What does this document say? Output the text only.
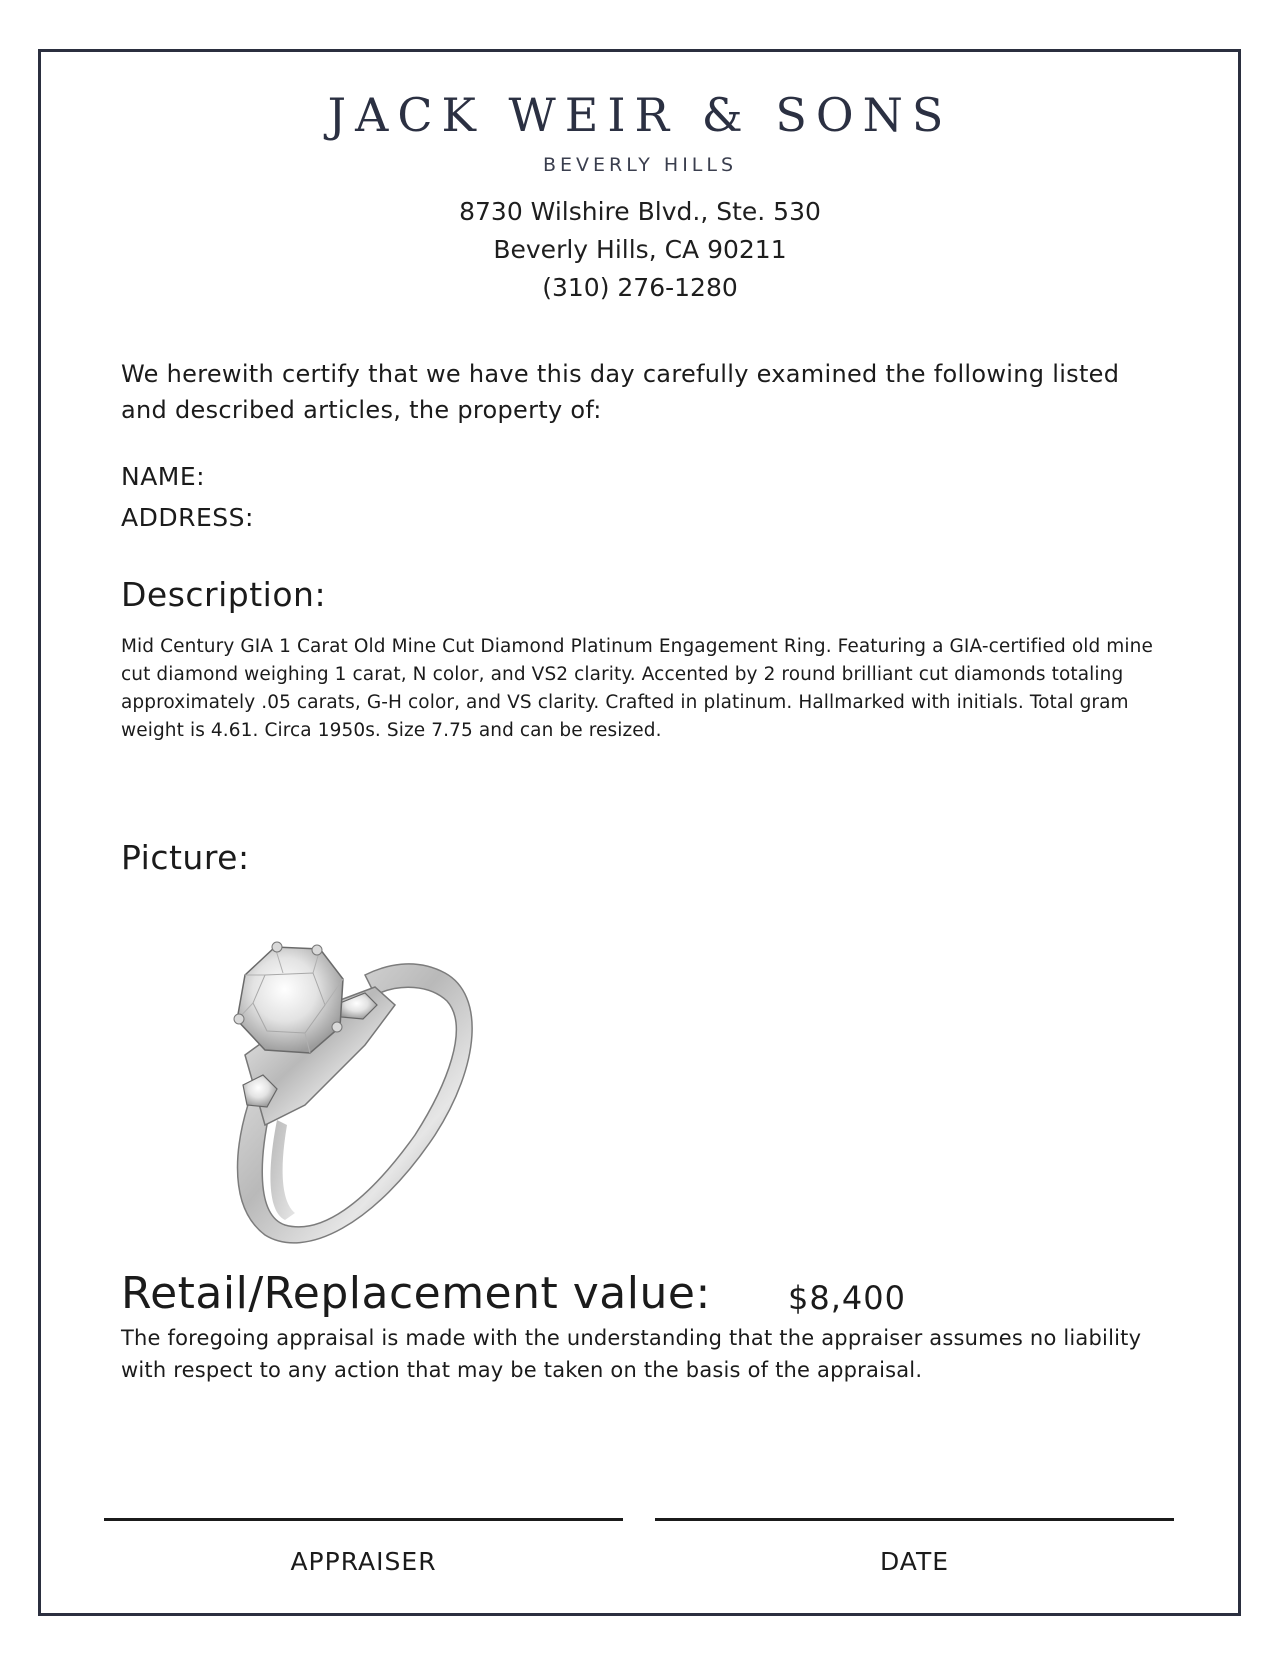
JACK WEIR & SONS
BEVERLY HILLS
8730 Wilshire Blvd., Ste. 530
Beverly Hills, CA 90211
(310) 276-1280
We herewith certify that we have this day carefully examined the following listed and described articles, the property of:
NAME:
ADDRESS:
Description:
Mid Century GIA 1 Carat Old Mine Cut Diamond Platinum Engagement Ring. Featuring a GIA-certified old mine cut diamond weighing 1 carat, N color, and VS2 clarity. Accented by 2 round brilliant cut diamonds totaling approximately .05 carats, G-H color, and VS clarity. Crafted in platinum. Hallmarked with initials. Total gram weight is 4.61. Circa 1950s. Size 7.75 and can be resized.
Picture:
Retail/Replacement value: $8,400
The foregoing appraisal is made with the understanding that the appraiser assumes no liability with respect to any action that may be taken on the basis of the appraisal.
APPRAISER	DATE
